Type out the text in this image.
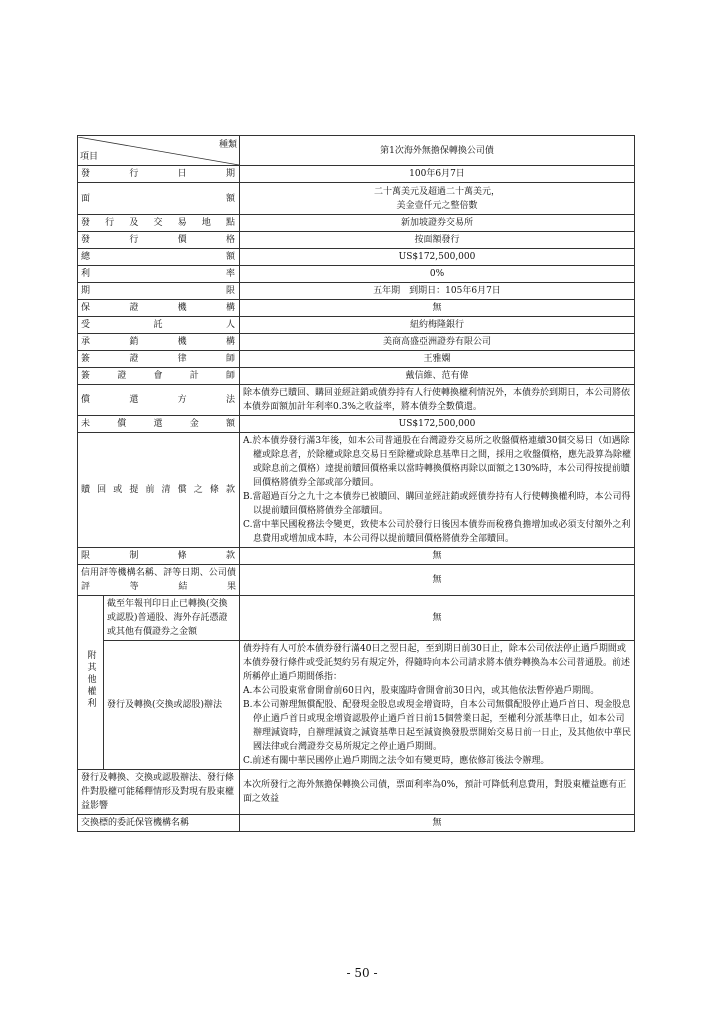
種類
項目		第1次海外無擔保轉換公司債
發行日期		100年6月7日
面額		二十萬美元及超過二十萬美元，
美金壹仟元之整倍數

發行及交易地點		新加坡證券交易所
發行價格		按面額發行
總額		US$172,500,000
利率		0%
期限		五年期　到期日：105年6月7日
保證機構		無
受託人		紐約梅隆銀行
承銷機構		美商高盛亞洲證券有限公司
簽證律師		王雅嫻
簽證會計師		戴信維、范有偉
償還方法		除本債券已贖回、購回並經註銷或債券持有人行使轉換權利情況外，本債券於到期日，本公司將依本債券面額加計年利率0.3%之收益率，將本債券全數償還。
未償還金額		US$172,500,000
贖回或提前清償之條款		A.於本債券發行滿3年後，如本公司普通股在台灣證券交易所之收盤價格連續30個交易日（如遇除權或除息者，於除權或除息交易日至除權或除息基準日之間，採用之收盤價格，應先設算為除權或除息前之價格）達提前贖回價格乘以當時轉換價格再除以面額之130%時，本公司得按提前贖回價格將債券全部或部分贖回。
B.當超過百分之九十之本債券已被贖回、購回並經註銷或經債券持有人行使轉換權利時，本公司得以提前贖回價格將債券全部贖回。
C.當中華民國稅務法令變更，致使本公司於發行日後因本債券而稅務負擔增加或必須支付額外之利息費用或增加成本時，本公司得以提前贖回價格將債券全部贖回。

限制條款		無
信用評等機構名稱、評等日期、公司債評等結果		無
附其他權利	截至年報刊印日止已轉換(交換或認股)普通股、海外存託憑證或其他有價證券之金額	無
	發行及轉換(交換或認股)辦法	債券持有人可於本債券發行滿40日之翌日起，至到期日前30日止，除本公司依法停止過戶期間或本債券發行條件或受託契約另有規定外，得隨時向本公司請求將本債券轉換為本公司普通股。前述所稱停止過戶期間係指：
A.本公司股東常會開會前60日內，股東臨時會開會前30日內，或其他依法暫停過戶期間。
B.本公司辦理無償配股、配發現金股息或現金增資時，自本公司無償配股停止過戶首日、現金股息停止過戶首日或現金增資認股停止過戶首日前15個營業日起，至權利分派基準日止，如本公司辦理減資時，自辦理減資之減資基準日起至減資換發股票開始交易日前一日止，及其他依中華民國法律或台灣證券交易所規定之停止過戶期間。
C.前述有關中華民國停止過戶期間之法令如有變更時，應依修訂後法令辦理。

發行及轉換、交換或認股辦法、發行條件對股權可能稀釋情形及對現有股東權益影響		本次所發行之海外無擔保轉換公司債，票面利率為0%，預計可降低利息費用，對股東權益應有正面之效益
交換標的委託保管機構名稱		無
- 50 -
